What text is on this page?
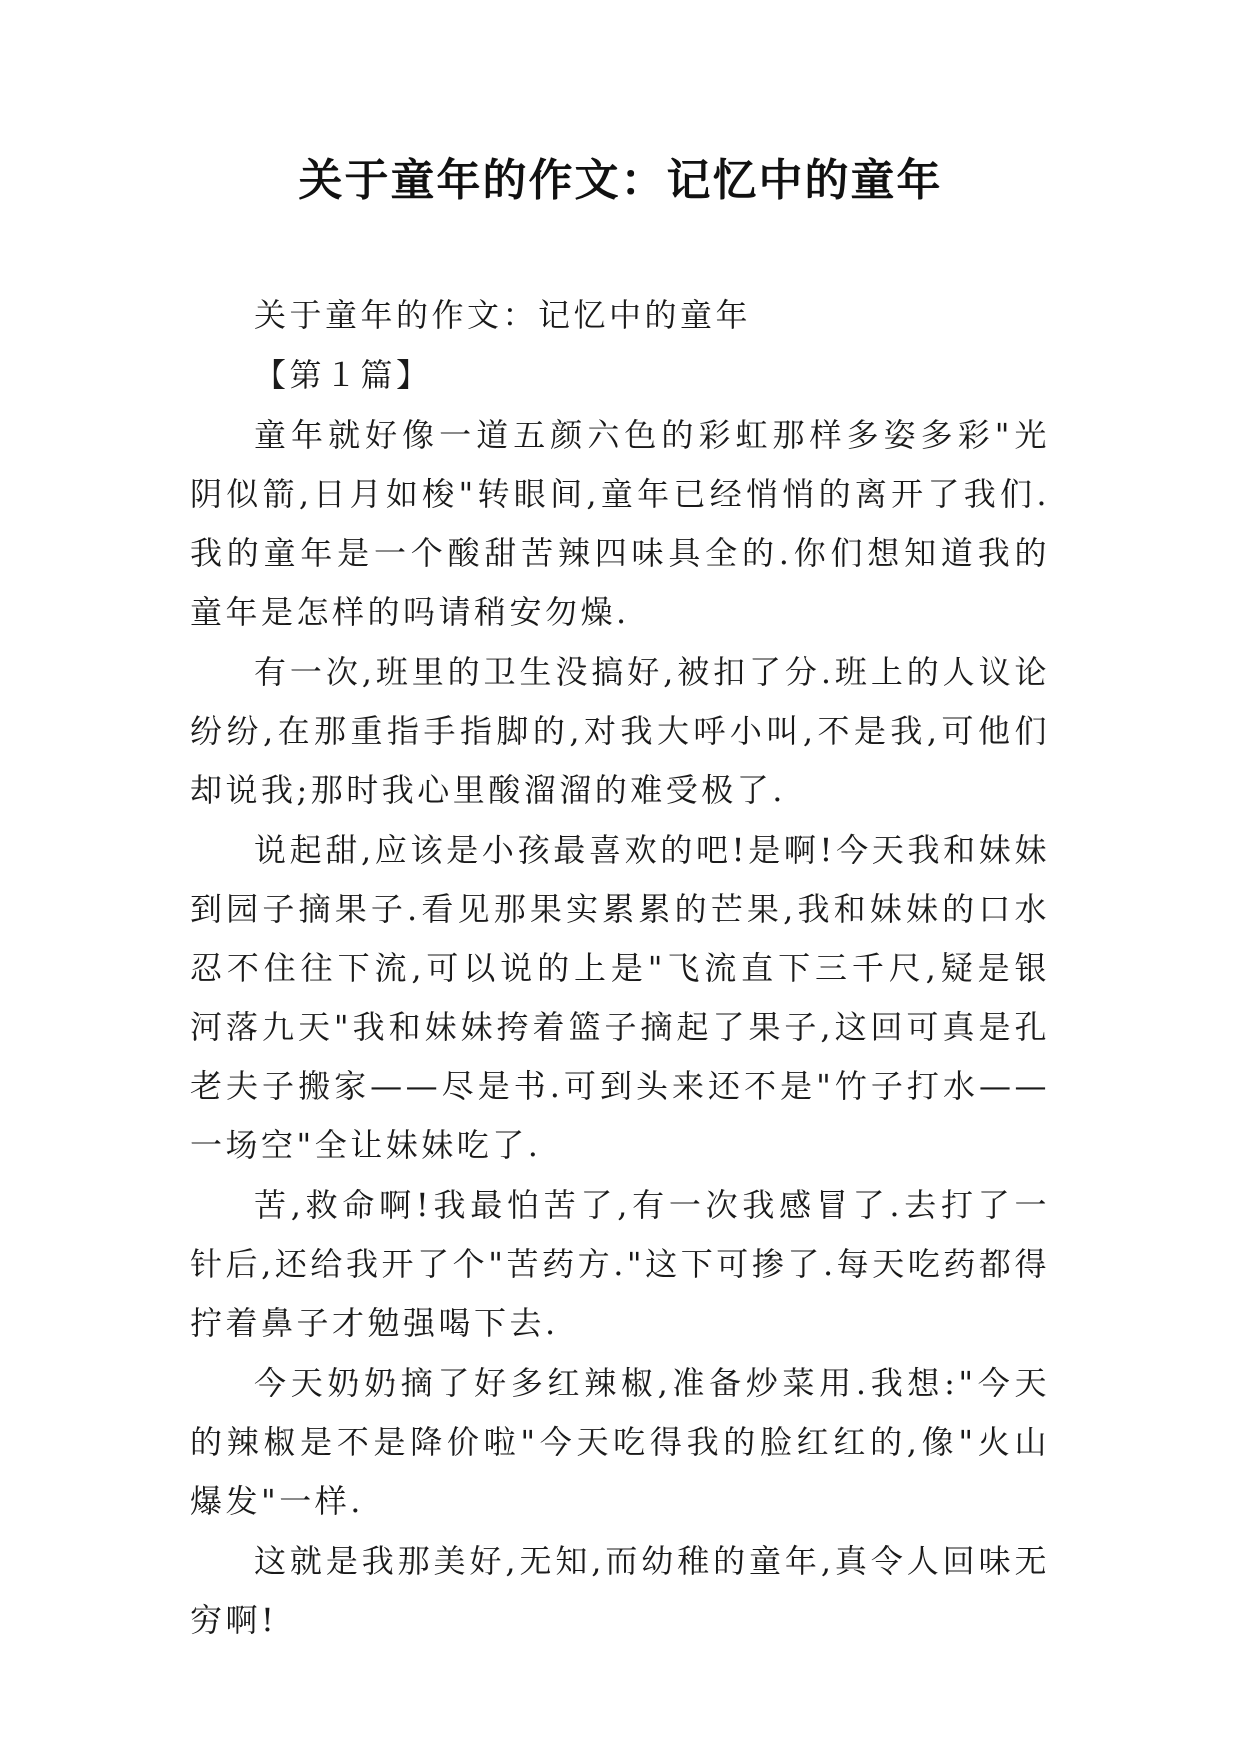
关于童年的作文：记忆中的童年

关于童年的作文：记忆中的童年

【第１篇】

童年就好像一道五颜六色的彩虹那样多姿多彩"光阴似箭,日月如梭"转眼间,童年已经悄悄的离开了我们.我的童年是一个酸甜苦辣四味具全的.你们想知道我的童年是怎样的吗请稍安勿燥.

有一次,班里的卫生没搞好,被扣了分.班上的人议论纷纷,在那重指手指脚的,对我大呼小叫,不是我,可他们却说我;那时我心里酸溜溜的难受极了.

说起甜,应该是小孩最喜欢的吧!是啊!今天我和妹妹到园子摘果子.看见那果实累累的芒果,我和妹妹的口水忍不住往下流,可以说的上是"飞流直下三千尺,疑是银河落九天"我和妹妹挎着篮子摘起了果子,这回可真是孔老夫子搬家——尽是书.可到头来还不是"竹子打水——一场空"全让妹妹吃了.

苦,救命啊!我最怕苦了,有一次我感冒了.去打了一针后,还给我开了个"苦药方."这下可掺了.每天吃药都得拧着鼻子才勉强喝下去.

今天奶奶摘了好多红辣椒,准备炒菜用.我想:"今天的辣椒是不是降价啦"今天吃得我的脸红红的,像"火山爆发"一样.

这就是我那美好,无知,而幼稚的童年,真令人回味无穷啊!
